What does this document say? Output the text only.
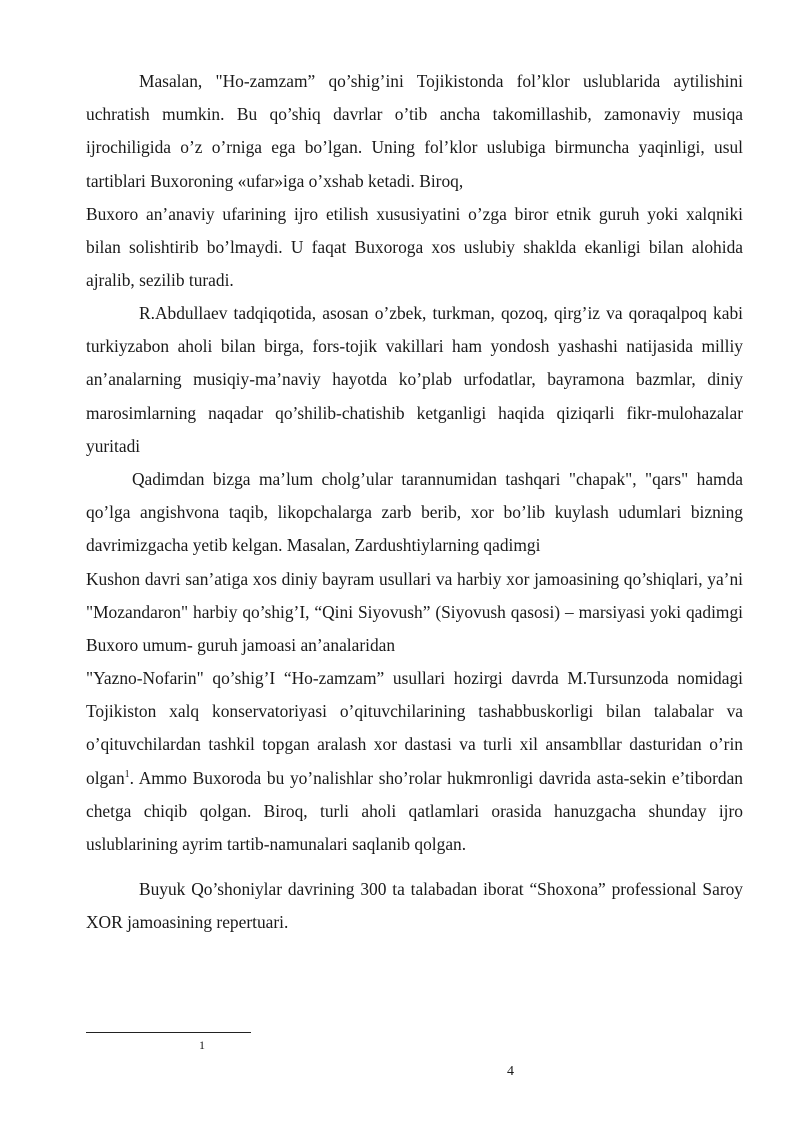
Masalan, "Ho-zamzam” qo’shig’ini Tojikistonda fol’klor uslublarida aytilishini uchratish mumkin. Bu qo’shiq davrlar o’tib ancha takomillashib, zamonaviy musiqa ijrochiligida o’z o’rniga ega bo’lgan. Uning fol’klor uslubiga birmuncha yaqinligi, usul tartiblari Buxoroning «ufar»iga o’xshab ketadi. Biroq,

Buxoro an’anaviy ufarining ijro etilish xususiyatini o’zga biror etnik guruh yoki xalqniki bilan solishtirib bo’lmaydi. U faqat Buxoroga xos uslubiy shaklda ekanligi bilan alohida ajralib, sezilib turadi.

R.Abdullaev tadqiqotida, asosan o’zbek, turkman, qozoq, qirg’iz va qoraqalpoq kabi turkiyzabon aholi bilan birga, fors-tojik vakillari ham yondosh yashashi natijasida milliy an’analarning musiqiy-ma’naviy hayotda ko’plab urfodatlar, bayramona bazmlar, diniy marosimlarning naqadar qo’shilib-chatishib ketganligi haqida qiziqarli fikr-mulohazalar yuritadi

Qadimdan bizga ma’lum cholg’ular tarannumidan tashqari "chapak", "qars" hamda qo’lga angishvona taqib, likopchalarga zarb berib, xor bo’lib kuylash udumlari bizning davrimizgacha yetib kelgan. Masalan, Zardushtiylarning qadimgi

Kushon davri san’atiga xos diniy bayram usullari va harbiy xor jamoasining qo’shiqlari, ya’ni "Mozandaron" harbiy qo’shig’I, “Qini Siyovush” (Siyovush qasosi) – marsiyasi yoki qadimgi Buxoro umum- guruh jamoasi an’analaridan

"Yazno-Nofarin" qo’shig’I “Ho-zamzam” usullari hozirgi davrda M.Tursunzoda nomidagi Tojikiston xalq konservatoriyasi o’qituvchilarining tashabbuskorligi bilan talabalar va o’qituvchilardan tashkil topgan aralash xor dastasi va turli xil ansambllar dasturidan o’rin olgan$^1$. Ammo Buxoroda bu yo’nalishlar sho’rolar hukmronligi davrida asta-sekin e’tibordan chetga chiqib qolgan. Biroq, turli aholi qatlamlari orasida hanuzgacha shunday ijro uslublarining ayrim tartib-namunalari saqlanib qolgan.

Buyuk Qo’shoniylar davrining 300 ta talabadan iborat “Shoxona” professional Saroy XOR jamoasining repertuari.

1
4
